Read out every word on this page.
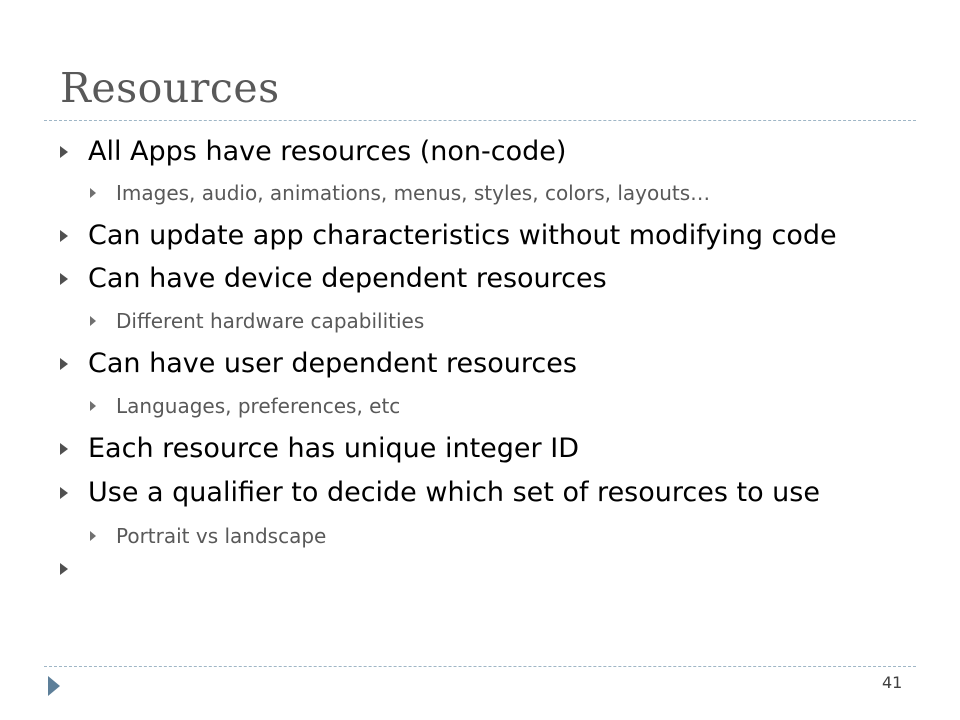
Resources
All Apps have resources (non-code)
Images, audio, animations, menus, styles, colors, layouts…
Can update app characteristics without modifying code
Can have device dependent resources
Different hardware capabilities
Can have user dependent resources
Languages, preferences, etc
Each resource has unique integer ID
Use a qualifier to decide which set of resources to use
Portrait vs landscape
41
